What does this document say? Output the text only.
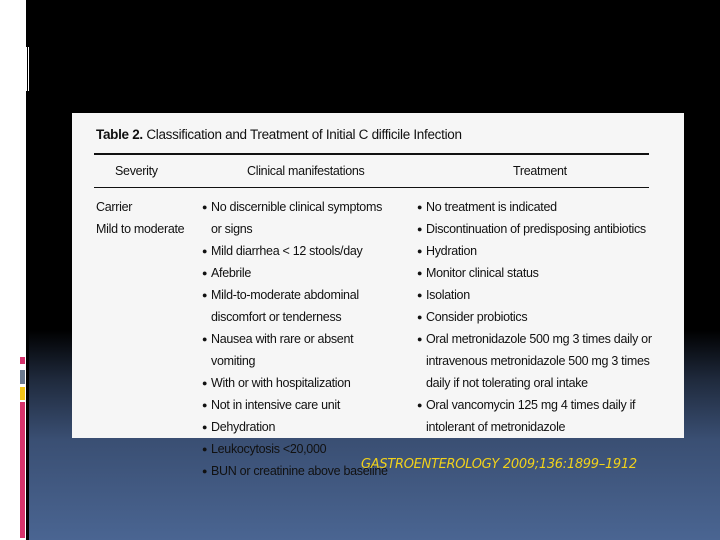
Table 2. Classification and Treatment of Initial C difficile Infection
Severity	Clinical manifestations	Treatment
Carrier
Mild to moderate
● No discernible clinical symptoms or signs
● Mild diarrhea < 12 stools/day
● Afebrile
● Mild-to-moderate abdominal discomfort or tenderness
● Nausea with rare or absent vomiting
● With or with hospitalization
● Not in intensive care unit
● Dehydration
● Leukocytosis <20,000
● BUN or creatinine above baseline
● No treatment is indicated
● Discontinuation of predisposing antibiotics
● Hydration
● Monitor clinical status
● Isolation
● Consider probiotics
● Oral metronidazole 500 mg 3 times daily or intravenous metronidazole 500 mg 3 times daily if not tolerating oral intake
● Oral vancomycin 125 mg 4 times daily if intolerant of metronidazole
GASTROENTEROLOGY 2009;136:1899–1912
